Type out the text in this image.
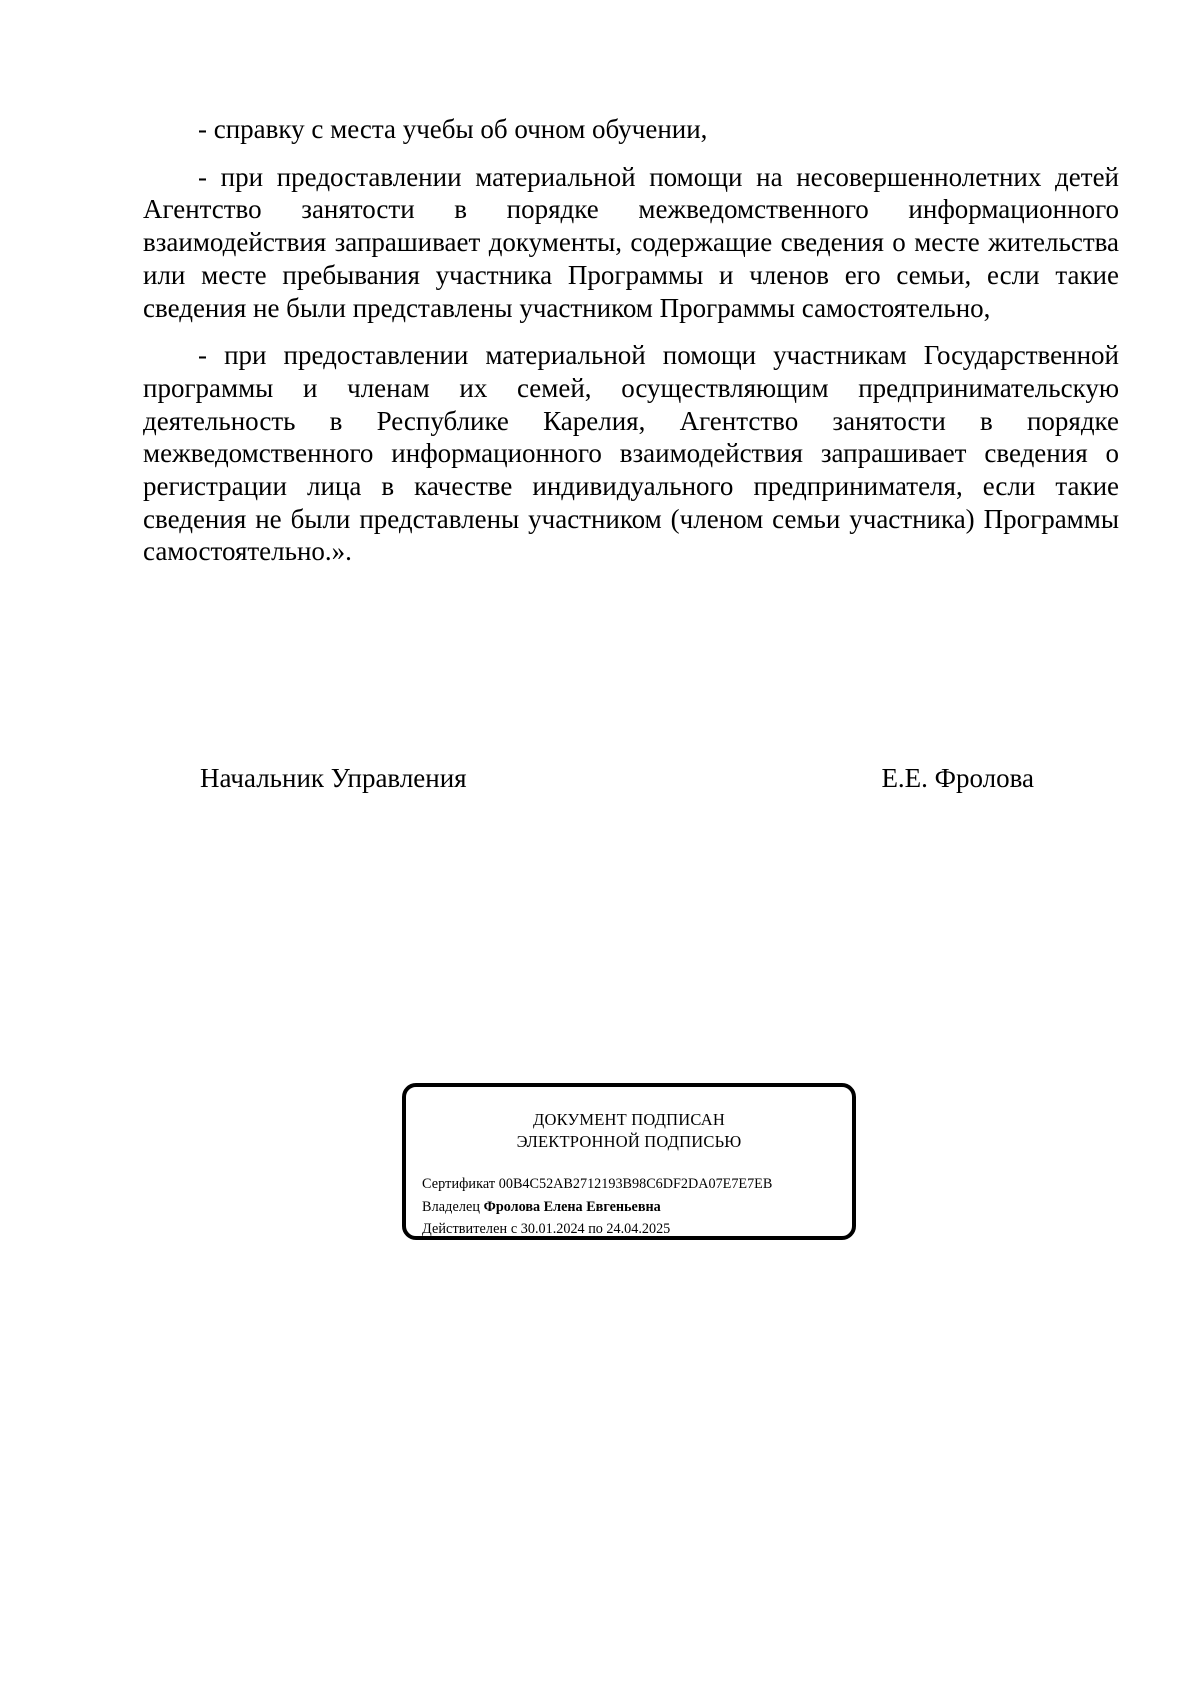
- справку с места учебы об очном обучении,

- при предоставлении материальной помощи на несовершеннолетних детей Агентство занятости в порядке межведомственного информационного взаимодействия запрашивает документы, содержащие сведения о месте жительства или месте пребывания участника Программы и членов его семьи, если такие сведения не были представлены участником Программы самостоятельно,

- при предоставлении материальной помощи участникам Государственной программы и членам их семей, осуществляющим предпринимательскую деятельность в Республике Карелия, Агентство занятости в порядке межведомственного информационного взаимодействия запрашивает сведения о регистрации лица в качестве индивидуального предпринимателя, если такие сведения не были представлены участником (членом семьи участника) Программы самостоятельно.».

Начальник Управления	Е.Е. Фролова
ДОКУМЕНТ ПОДПИСАН
ЭЛЕКТРОННОЙ ПОДПИСЬЮ
Сертификат 00B4C52AB2712193B98C6DF2DA07E7E7EB
Владелец Фролова Елена Евгеньевна
Действителен с 30.01.2024 по 24.04.2025
